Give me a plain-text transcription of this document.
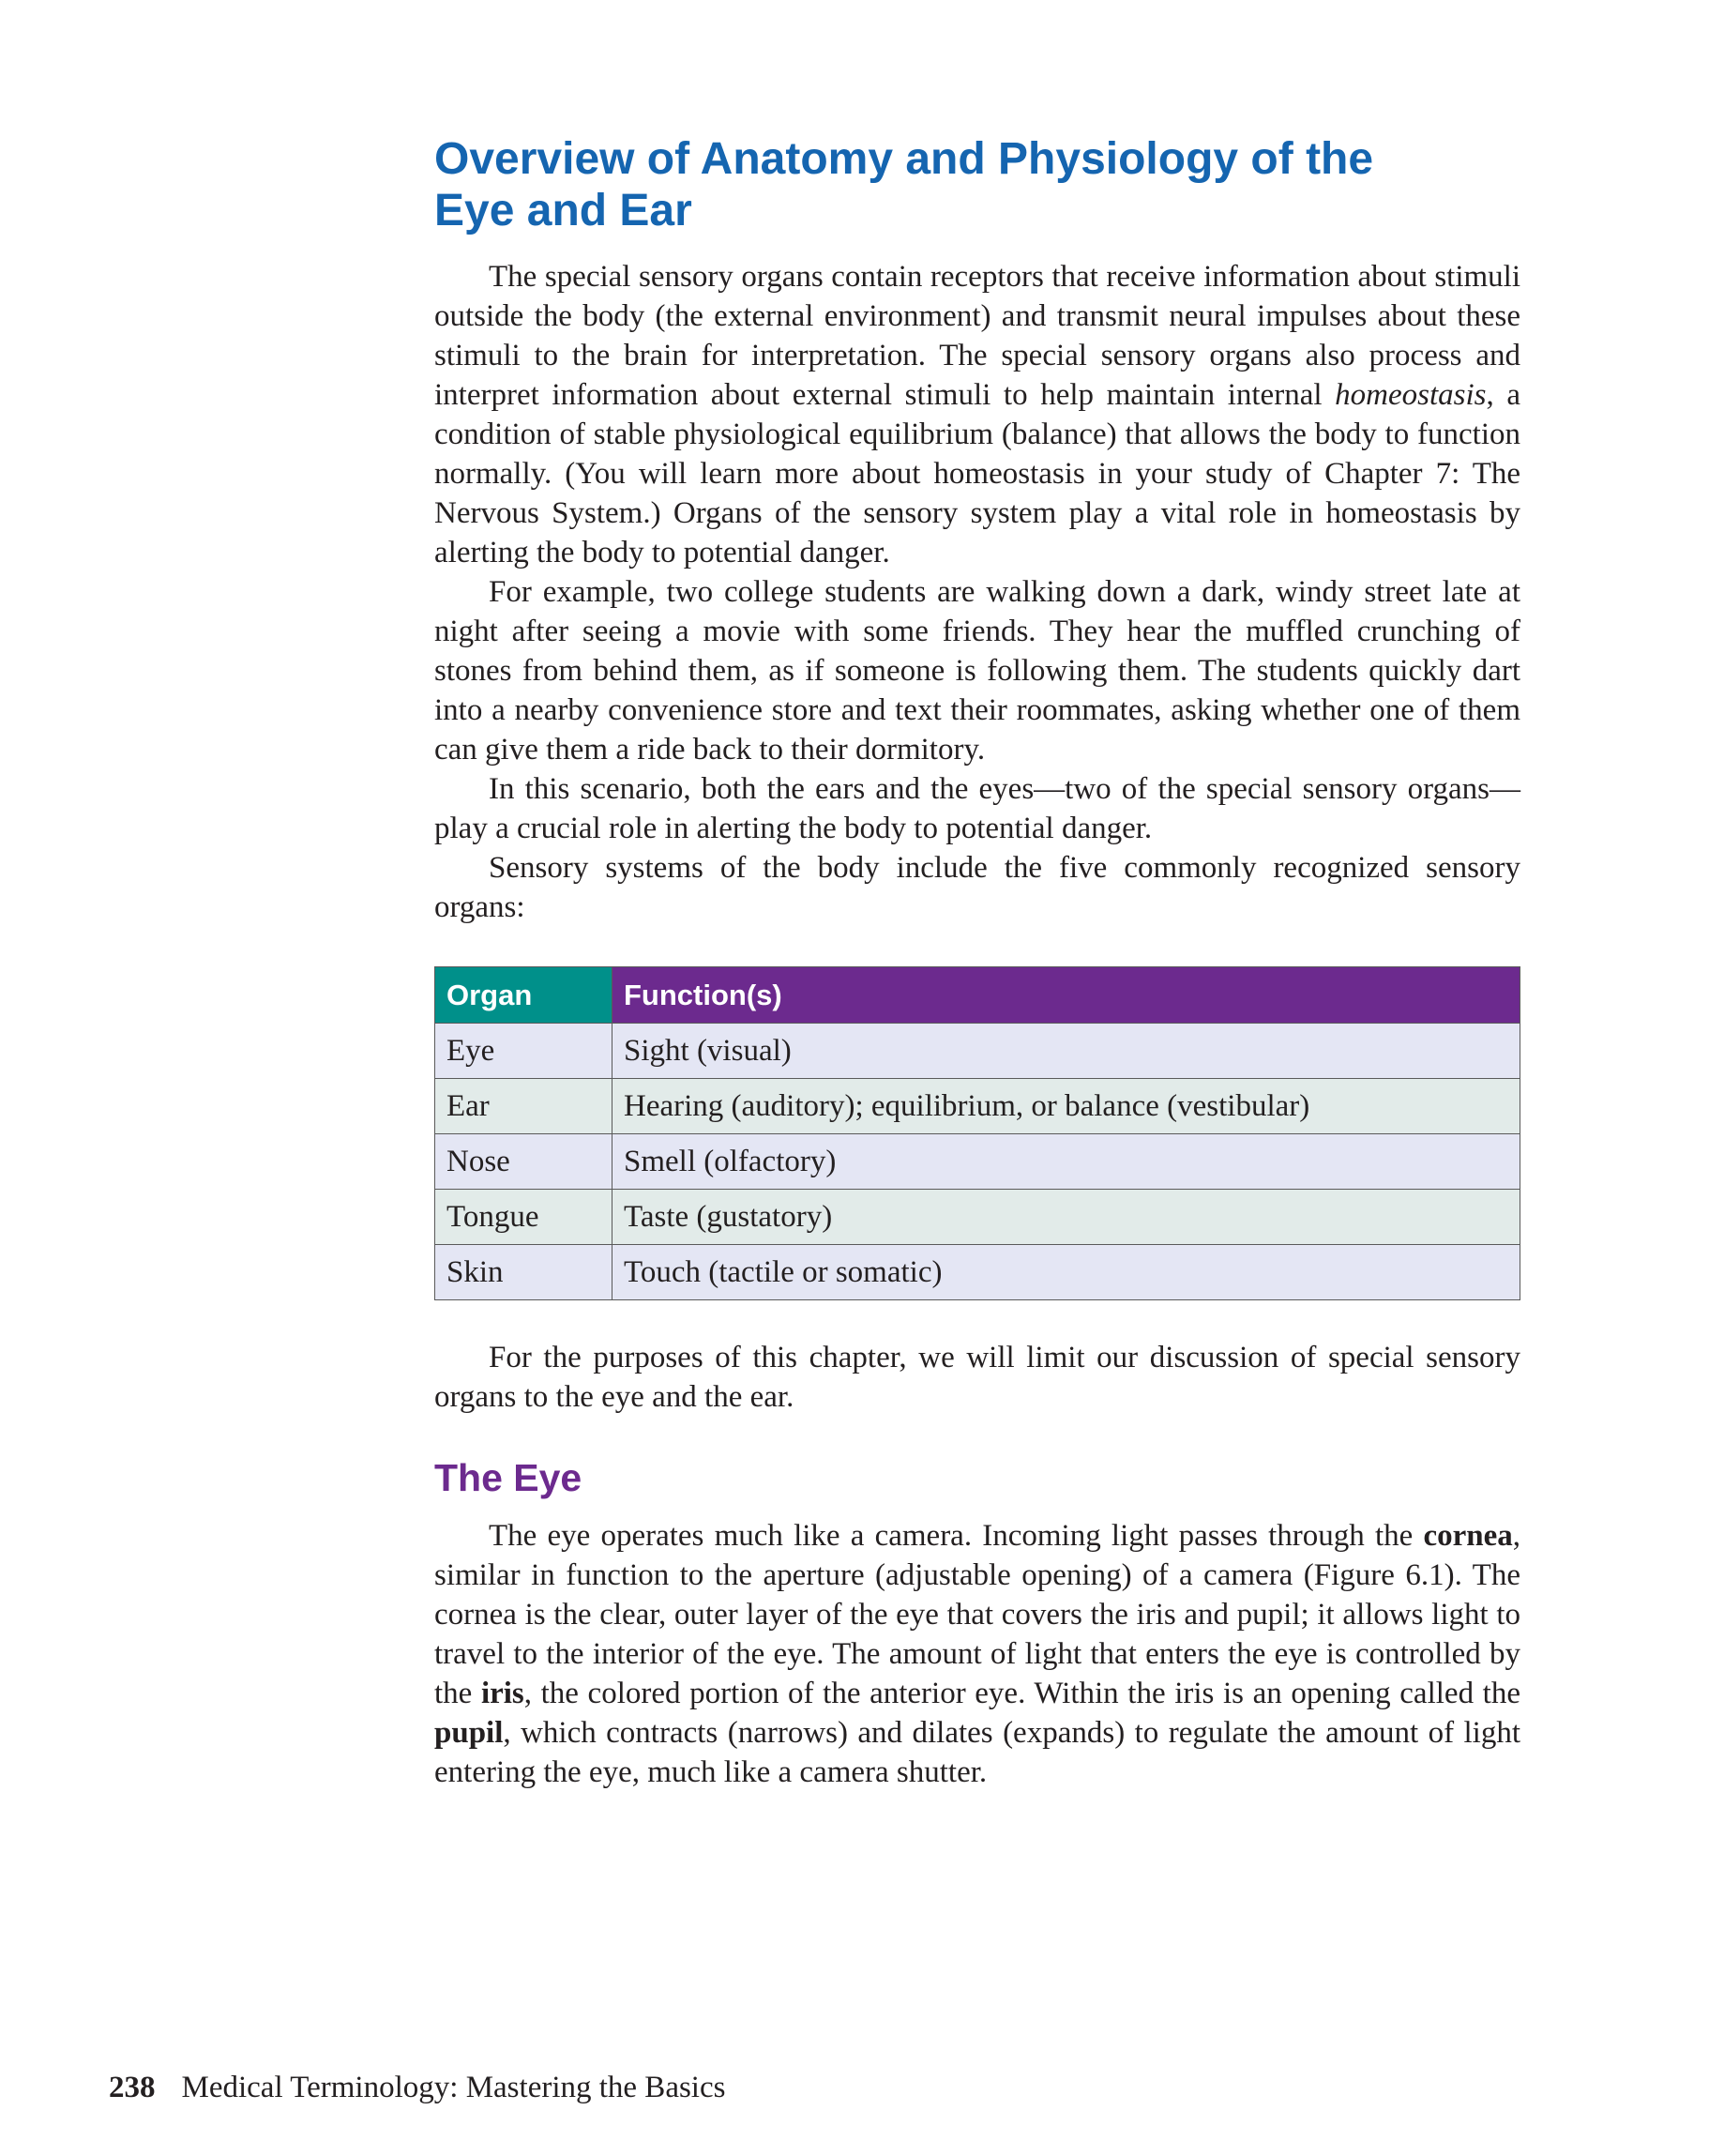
Overview of Anatomy and Physiology of the
Eye and Ear

The special sensory organs contain receptors that receive information about stimuli outside the body (the external environment) and transmit neural impulses about these stimuli to the brain for interpretation. The special sensory organs also process and interpret information about external stimuli to help maintain internal homeostasis, a condition of stable physiological equilibrium (balance) that allows the body to function normally. (You will learn more about homeostasis in your study of Chapter 7: The Nervous System.) Organs of the sensory system play a vital role in homeostasis by alerting the body to potential danger.

For example, two college students are walking down a dark, windy street late at night after seeing a movie with some friends. They hear the muffled crunching of stones from behind them, as if someone is following them. The students quickly dart into a nearby convenience store and text their roommates, asking whether one of them can give them a ride back to their dormitory.

In this scenario, both the ears and the eyes—two of the special sensory organs—play a crucial role in alerting the body to potential danger.

Sensory systems of the body include the five commonly recognized sensory organs:

Organ	Function(s)
Eye	Sight (visual)
Ear	Hearing (auditory); equilibrium, or balance (vestibular)
Nose	Smell (olfactory)
Tongue	Taste (gustatory)
Skin	Touch (tactile or somatic)

For the purposes of this chapter, we will limit our discussion of special sensory organs to the eye and the ear.

The Eye

The eye operates much like a camera. Incoming light passes through the cornea, similar in function to the aperture (adjustable opening) of a camera (Figure 6.1). The cornea is the clear, outer layer of the eye that covers the iris and pupil; it allows light to travel to the interior of the eye. The amount of light that enters the eye is controlled by the iris, the colored portion of the anterior eye. Within the iris is an opening called the pupil, which contracts (narrows) and dilates (expands) to regulate the amount of light entering the eye, much like a camera shutter.

238 Medical Terminology: Mastering the Basics
